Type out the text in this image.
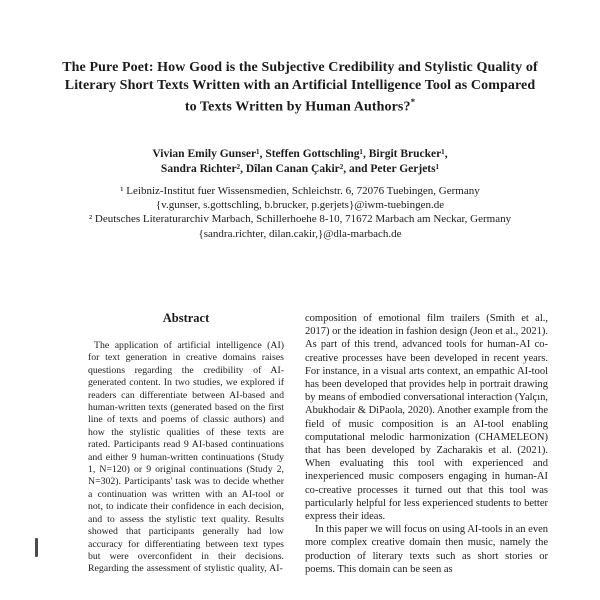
The Pure Poet: How Good is the Subjective Credibility and Stylistic Quality of Literary Short Texts Written with an Artificial Intelligence Tool as Compared to Texts Written by Human Authors?*
Vivian Emily Gunser¹, Steffen Gottschling¹, Birgit Brucker¹,
Sandra Richter², Dîlan Canan Çakir², and Peter Gerjets¹
¹ Leibniz-Institut fuer Wissensmedien, Schleichstr. 6, 72076 Tuebingen, Germany
{v.gunser, s.gottschling, b.brucker, p.gerjets}@iwm-tuebingen.de
² Deutsches Literaturarchiv Marbach, Schillerhoehe 8-10, 71672 Marbach am Neckar, Germany
{sandra.richter, dilan.cakir,}@dla-marbach.de
Abstract

The application of artificial intelligence (AI) for text generation in creative domains raises questions regarding the credibility of AI-generated content. In two studies, we explored if readers can differentiate between AI-based and human-written texts (generated based on the first line of texts and poems of classic authors) and how the stylistic qualities of these texts are rated. Participants read 9 AI-based continuations and either 9 human-written continuations (Study 1, N=120) or 9 original continuations (Study 2, N=302). Participants' task was to decide whether a continuation was written with an AI-tool or not, to indicate their confidence in each decision, and to assess the stylistic text quality. Results showed that participants generally had low accuracy for differentiating between text types but were overconfident in their decisions. Regarding the assessment of stylistic quality, AI-

composition of emotional film trailers (Smith et al., 2017) or the ideation in fashion design (Jeon et al., 2021). As part of this trend, advanced tools for human-AI co-creative processes have been developed in recent years. For instance, in a visual arts context, an empathic AI-tool has been developed that provides help in portrait drawing by means of embodied conversational interaction (Yalçın, Abukhodair & DiPaola, 2020). Another example from the field of music composition is an AI-tool enabling computational melodic harmonization (CHAMELEON) that has been developed by Zacharakis et al. (2021). When evaluating this tool with experienced and inexperienced music composers engaging in human-AI co-creative processes it turned out that this tool was particularly helpful for less experienced students to better express their ideas.

In this paper we will focus on using AI-tools in an even more complex creative domain then music, namely the production of literary texts such as short stories or poems. This domain can be seen as
